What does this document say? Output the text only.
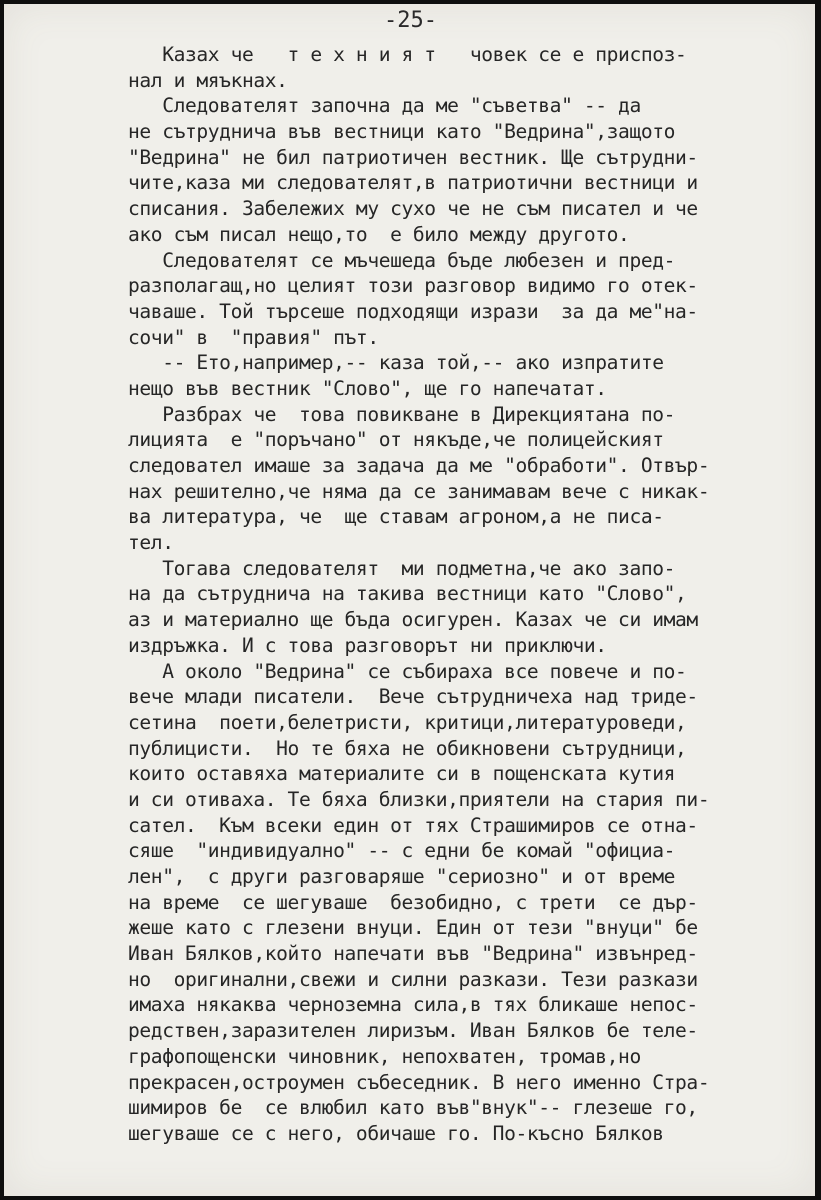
-25-
Казах че   т е х н и я т   човек се е приспоз-
нал и мяъкнах.
Следователят започна да ме "съветва" -- да
не сътруднича във вестници като "Ведрина",защото
"Ведрина" не бил патриотичен вестник. Ще сътрудни-
чите,каза ми следователят,в патриотични вестници и
списания. Забележих му сухо че не съм писател и че
ако съм писал нещо,то  е било между другото.
Следователят се мъчешеда бъде любезен и пред-
разполагащ,но целият този разговор видимо го отек-
чаваше. Той търсеше подходящи изрази  за да ме"на-
сочи" в  "правия" път.
-- Ето,например,-- каза той,-- ако изпратите
нещо във вестник "Слово", ще го напечатат.
Разбрах че  това повикване в Дирекциятана по-
лицията  е "поръчано" от някъде,че полицейският
следовател имаше за задача да ме "обработи". Отвър-
нах решително,че няма да се занимавам вече с никак-
ва литература, че  ще ставам агроном,а не писа-
тел.
Тогава следователят  ми подметна,че ако запо-
на да сътруднича на такива вестници като "Слово",
аз и материално ще бъда осигурен. Казах че си имам
издръжка. И с това разговорът ни приключи.
А около "Ведрина" се събираха все повече и по-
вече млади писатели.  Вече сътрудничеха над триде-
сетина  поети,белетристи, критици,литературоведи,
публицисти.  Но те бяха не обикновени сътрудници,
които оставяха материалите си в пощенската кутия
и си отиваха. Те бяха близки,приятели на стария пи-
сател.  Към всеки един от тях Страшимиров се отна-
сяше  "индивидуално" -- с едни бе комай "официа-
лен",  с други разговаряше "сериозно" и от време
на време  се шегуваше  безобидно, с трети  се дър-
жеше като с глезени внуци. Един от тези "внуци" бе
Иван Бялков,който напечати във "Ведрина" извънред-
но  оригинални,свежи и силни разкази. Тези разкази
имаха някаква черноземна сила,в тях бликаше непос-
редствен,заразителен лиризъм. Иван Бялков бе теле-
графопощенски чиновник, непохватен, тромав,но
прекрасен,остроумен събеседник. В него именно Стра-
шимиров бе  се влюбил като във"внук"-- глезеше го,
шегуваше се с него, обичаше го. По-късно Бялков
